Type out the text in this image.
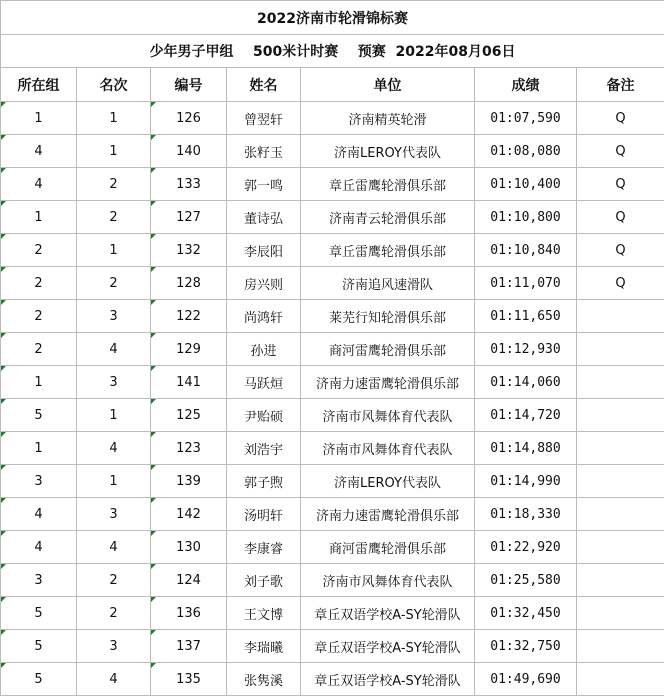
2022济南市轮滑锦标赛						
少年男子甲组    500米计时赛    预赛  2022年08月06日						
所在组	名次	编号	姓名	单位	成绩	备注
1	1	126	曾翌轩	济南精英轮滑	01:07,590	Q
4	1	140	张籽玉	济南LEROY代表队	01:08,080	Q
4	2	133	郭一鸣	章丘雷鹰轮滑俱乐部	01:10,400	Q
1	2	127	董诗弘	济南青云轮滑俱乐部	01:10,800	Q
2	1	132	李辰阳	章丘雷鹰轮滑俱乐部	01:10,840	Q
2	2	128	房兴则	济南追风速滑队	01:11,070	Q
2	3	122	尚鸿轩	莱芜行知轮滑俱乐部	01:11,650	
2	4	129	孙进	商河雷鹰轮滑俱乐部	01:12,930	
1	3	141	马跃烜	济南力速雷鹰轮滑俱乐部	01:14,060	
5	1	125	尹贻硕	济南市风舞体育代表队	01:14,720	
1	4	123	刘浩宇	济南市风舞体育代表队	01:14,880	
3	1	139	郭子煦	济南LEROY代表队	01:14,990	
4	3	142	汤明轩	济南力速雷鹰轮滑俱乐部	01:18,330	
4	4	130	李康睿	商河雷鹰轮滑俱乐部	01:22,920	
3	2	124	刘子歌	济南市风舞体育代表队	01:25,580	
5	2	136	王文博	章丘双语学校A-SY轮滑队	01:32,450	
5	3	137	李瑞曦	章丘双语学校A-SY轮滑队	01:32,750	
5	4	135	张隽溪	章丘双语学校A-SY轮滑队	01:49,690	
